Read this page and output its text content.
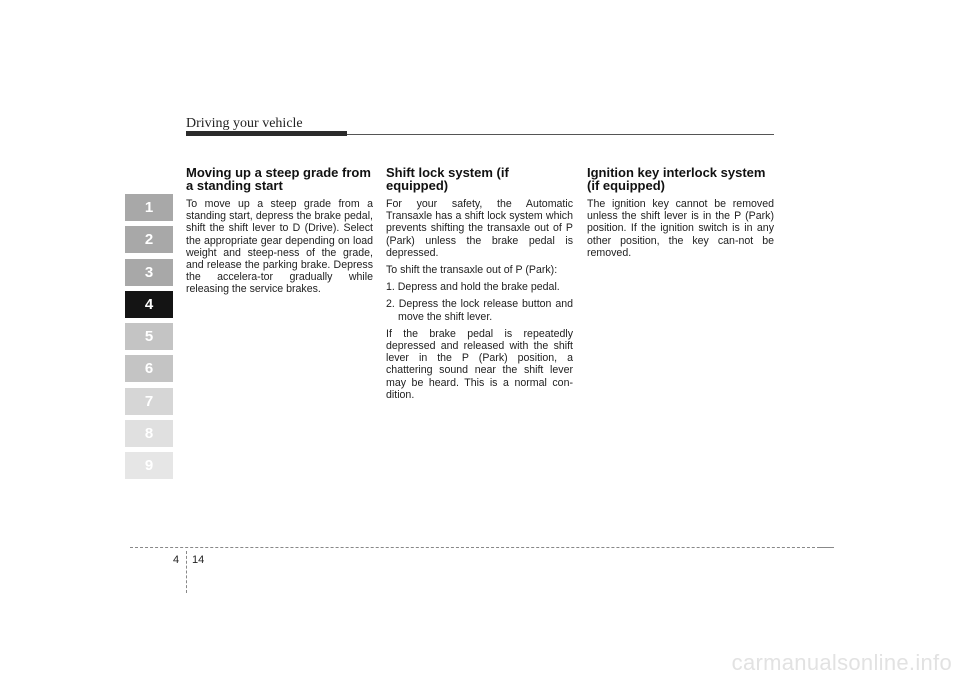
Driving your vehicle
1
2
3
4
5
6
7
8
9
Moving up a steep grade from a standing start

To move up a steep grade from a standing start, depress the brake pedal, shift the shift lever to D (Drive). Select the appropriate gear depending on load weight and steep-ness of the grade, and release the parking brake. Depress the accelera-tor gradually while releasing the service brakes.

Shift lock system (if equipped)

For your safety, the Automatic Transaxle has a shift lock system which prevents shifting the transaxle out of P (Park) unless the brake pedal is depressed.

To shift the transaxle out of P (Park):

1. Depress and hold the brake pedal.

2. Depress the lock release button and move the shift lever.

If the brake pedal is repeatedly depressed and released with the shift lever in the P (Park) position, a chattering sound near the shift lever may be heard. This is a normal con-dition.

Ignition key interlock system (if equipped)

The ignition key cannot be removed unless the shift lever is in the P (Park) position. If the ignition switch is in any other position, the key can-not be removed.

4 14
carmanualsonline.info
